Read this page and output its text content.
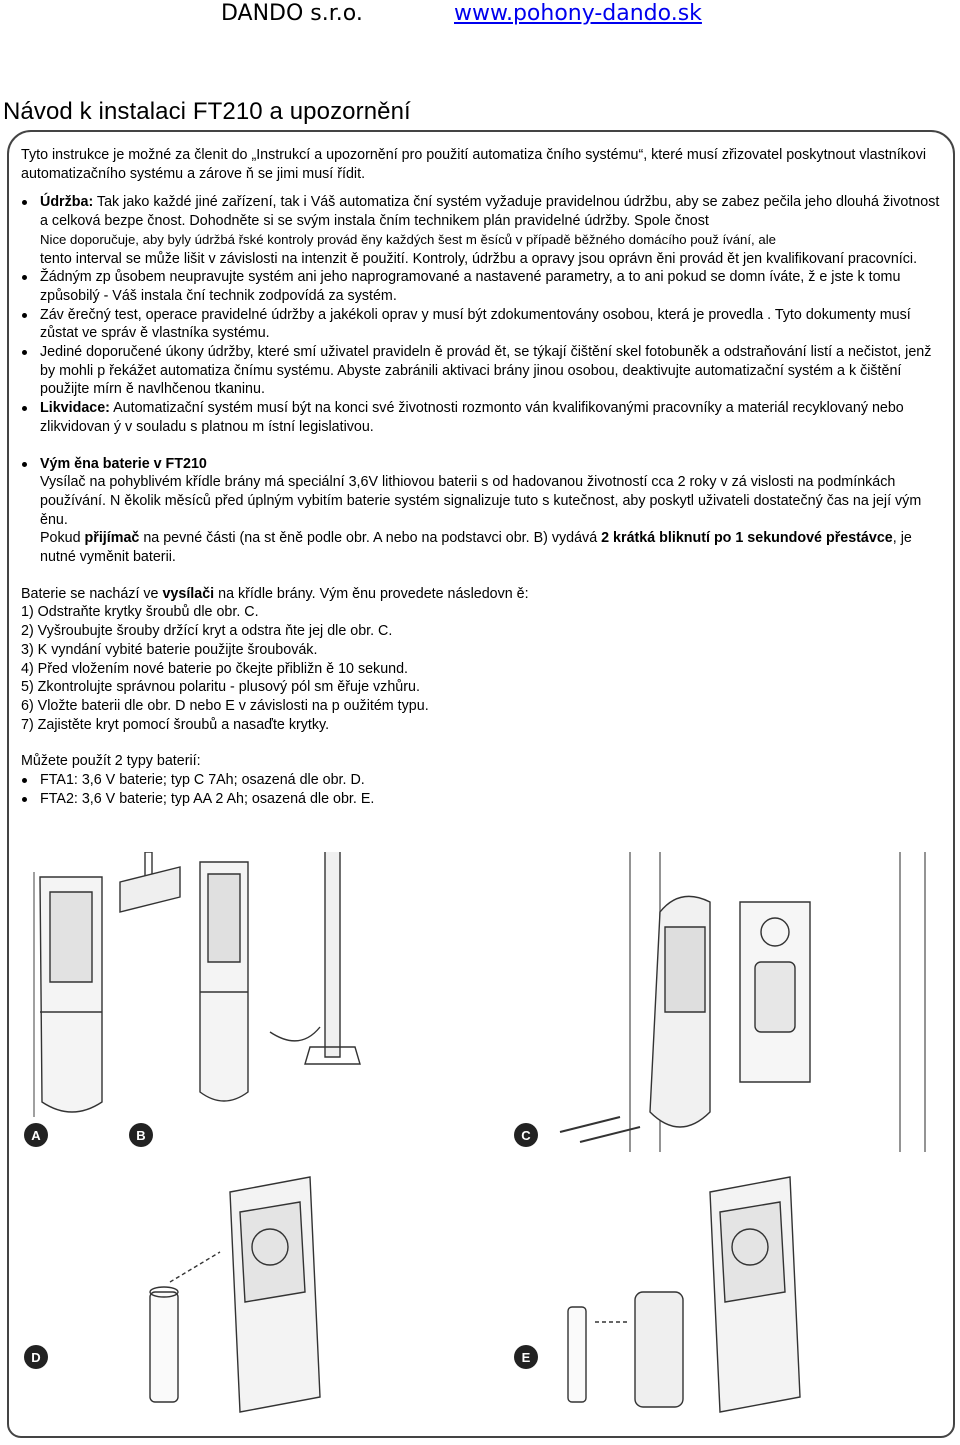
DANDO s.r.o.	www.pohony-dando.sk
Návod k instalaci FT210 a upozornění

Tyto instrukce je možné za členit do „Instrukcí a upozornění pro použití automatiza čního systému“, které musí zřizovatel poskytnout vlastníkovi automatizačního systému a zárove ň se jimi musí řídit.

Údržba: Tak jako každé jiné zařízení, tak i Váš automatiza ční systém vyžaduje pravidelnou údržbu, aby se zabez pečila jeho dlouhá životnost a celková bezpe čnost. Dohodněte si se svým instala čním technikem plán pravidelné údržby. Spole čnost
Nice doporučuje, aby byly údržbá řské kontroly provád ěny každých šest m ěsíců v případě běžného domácího použ ívání, ale
tento interval se může lišit v závislosti na intenzit ě použití. Kontroly, údržbu a opravy jsou oprávn ěni provád ět jen kvalifikovaní pracovníci.
Žádným zp ůsobem neupravujte systém ani jeho naprogramované a nastavené parametry, a to ani pokud se domn íváte, ž e jste k tomu způsobilý - Váš instala ční technik zodpovídá za systém.
Záv ěrečný test, operace pravidelné údržby a jakékoli oprav y musí být zdokumentovány osobou, která je provedla . Tyto dokumenty musí zůstat ve správ ě vlastníka systému.
Jediné doporučené úkony údržby, které smí uživatel pravideln ě provád ět, se týkají čištění skel fotobuněk a odstraňování listí a nečistot, jenž by mohli p řekážet automatiza čnímu systému. Abyste zabránili aktivaci brány jinou osobou, deaktivujte automatizační systém a k čištění použijte mírn ě navlhčenou tkaninu.
Likvidace: Automatizační systém musí být na konci své životnosti rozmonto ván kvalifikovanými pracovníky a materiál recyklovaný nebo zlikvidovan ý v souladu s platnou m ístní legislativou.
Vým ěna baterie v FT210
Vysílač na pohyblivém křídle brány má speciální 3,6V lithiovou baterii s od hadovanou životností cca 2 roky v zá vislosti na podmínkách používání. N ěkolik měsíců před úplným vybitím baterie systém signalizuje tuto s kutečnost, aby poskytl uživateli dostatečný čas na její vým ěnu.
Pokud přijímač na pevné části (na st ěně podle obr. A nebo na podstavci obr. B) vydává 2 krátká bliknutí po 1 sekundové přestávce, je nutné vyměnit baterii.

Baterie se nachází ve vysílači na křídle brány. Vým ěnu provedete následovn ě:

1) Odstraňte krytky šroubů dle obr. C.

2) Vyšroubujte šrouby držící kryt a odstra ňte jej dle obr. C.

3) K vyndání vybité baterie použijte šroubovák.

4) Před vložením nové baterie po čkejte přibližn ě 10 sekund.

5) Zkontrolujte správnou polaritu - plusový pól sm ěřuje vzhůru.

6) Vložte baterii dle obr. D nebo E v závislosti na p oužitém typu.

7) Zajistěte kryt pomocí šroubů a nasaďte krytky.

Můžete použít 2 typy baterií:

FTA1: 3,6 V baterie; typ C 7Ah; osazená dle obr. D.
FTA2: 3,6 V baterie; typ AA 2 Ah; osazená dle obr. E.
A	B	C
D	E
